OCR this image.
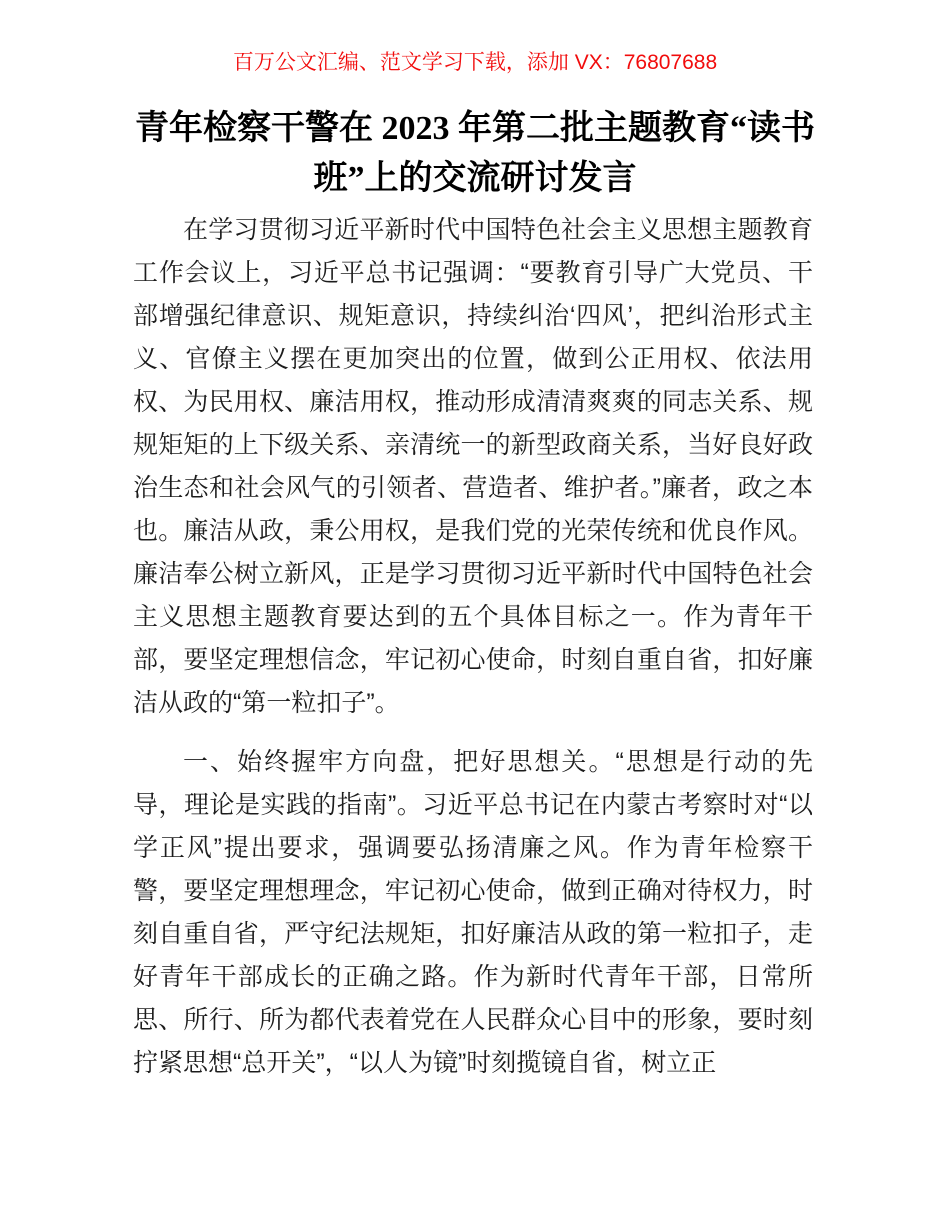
百万公文汇编、范文学习下载，添加 VX：76807688
青年检察干警在 2023 年第二批主题教育“读书班”上的交流研讨发言

在学习贯彻习近平新时代中国特色社会主义思想主题教育工作会议上，习近平总书记强调：“要教育引导广大党员、干部增强纪律意识、规矩意识，持续纠治‘四风’，把纠治形式主义、官僚主义摆在更加突出的位置，做到公正用权、依法用权、为民用权、廉洁用权，推动形成清清爽爽的同志关系、规规矩矩的上下级关系、亲清统一的新型政商关系，当好良好政治生态和社会风气的引领者、营造者、维护者。”廉者，政之本也。廉洁从政，秉公用权，是我们党的光荣传统和优良作风。廉洁奉公树立新风，正是学习贯彻习近平新时代中国特色社会主义思想主题教育要达到的五个具体目标之一。作为青年干部，要坚定理想信念，牢记初心使命，时刻自重自省，扣好廉洁从政的“第一粒扣子”。

一、始终握牢方向盘，把好思想关。“思想是行动的先导，理论是实践的指南”。习近平总书记在内蒙古考察时对“以学正风”提出要求，强调要弘扬清廉之风。作为青年检察干警，要坚定理想理念，牢记初心使命，做到正确对待权力，时刻自重自省，严守纪法规矩，扣好廉洁从政的第一粒扣子，走好青年干部成长的正确之路。作为新时代青年干部，日常所思、所行、所为都代表着党在人民群众心目中的形象，要时刻拧紧思想“总开关”，“以人为镜”时刻揽镜自省，树立正
